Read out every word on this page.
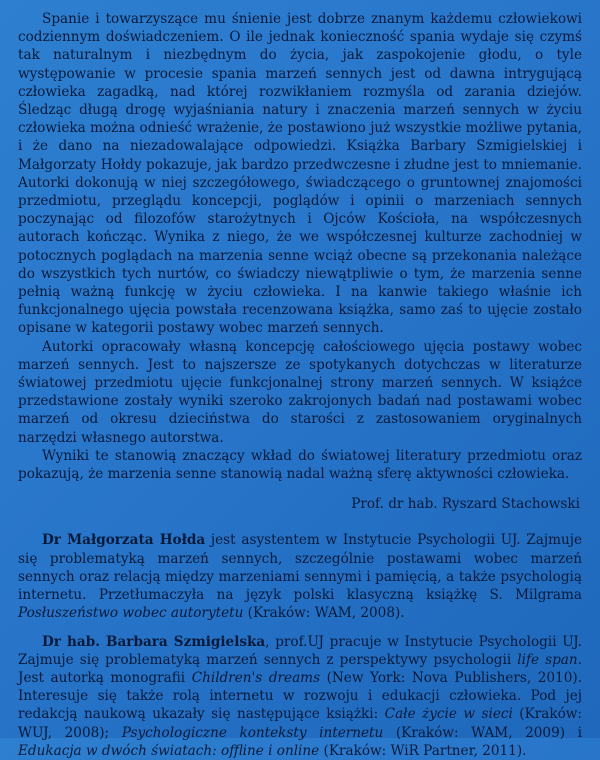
Spanie i towarzyszące mu śnienie jest dobrze znanym każdemu człowiekowi codziennym doświadczeniem. O ile jednak konieczność spania wydaje się czymś tak naturalnym i niezbędnym do życia, jak zaspokojenie głodu, o tyle występowanie w procesie spania marzeń sennych jest od dawna intrygującą człowieka zagadką, nad której rozwikłaniem rozmyśla od zarania dziejów. Śledząc długą drogę wyjaśniania natury i znaczenia marzeń sennych w życiu człowieka można odnieść wrażenie, że postawiono już wszystkie możliwe pytania, i że dano na niezadowalające odpowiedzi. Książka Barbary Szmigielskiej i Małgorzaty Hołdy pokazuje, jak bardzo przedwczesne i złudne jest to mniemanie. Autorki dokonują w niej szczegółowego, świadczącego o gruntownej znajomości przedmiotu, przeglądu koncepcji, poglądów i opinii o marzeniach sennych poczynając od filozofów starożytnych i Ojców Kościoła, na współczesnych autorach kończąc. Wynika z niego, że we współczesnej kulturze zachodniej w potocznych poglądach na marzenia senne wciąż obecne są przekonania należące do wszystkich tych nurtów, co świadczy niewątpliwie o tym, że marzenia senne pełnią ważną funkcję w życiu człowieka. I na kanwie takiego właśnie ich funkcjonalnego ujęcia powstała recenzowana książka, samo zaś to ujęcie zostało opisane w kategorii postawy wobec marzeń sennych.

Autorki opracowały własną koncepcję całościowego ujęcia postawy wobec marzeń sennych. Jest to najszersze ze spotykanych dotychczas w literaturze światowej przedmiotu ujęcie funkcjonalnej strony marzeń sennych. W książce przedstawione zostały wyniki szeroko zakrojonych badań nad postawami wobec marzeń od okresu dzieciństwa do starości z zastosowaniem oryginalnych narzędzi własnego autorstwa.

Wyniki te stanowią znaczący wkład do światowej literatury przedmiotu oraz pokazują, że marzenia senne stanowią nadal ważną sferę aktywności człowieka.

Prof. dr hab. Ryszard Stachowski

Dr Małgorzata Hołda jest asystentem w Instytucie Psychologii UJ. Zajmuje się problematyką marzeń sennych, szczególnie postawami wobec marzeń sennych oraz relacją między marzeniami sennymi i pamięcią, a także psychologią internetu. Przetłumaczyła na język polski klasyczną książkę S. Milgrama Posłuszeństwo wobec autorytetu (Kraków: WAM, 2008).

Dr hab. Barbara Szmigielska, prof.UJ pracuje w Instytucie Psychologii UJ. Zajmuje się problematyką marzeń sennych z perspektywy psychologii life span. Jest autorką monografii Children's dreams (New York: Nova Publishers, 2010). Interesuje się także rolą internetu w rozwoju i edukacji człowieka. Pod jej redakcją naukową ukazały się następujące książki: Całe życie w sieci (Kraków: WUJ, 2008); Psychologiczne konteksty internetu (Kraków: WAM, 2009) i Edukacja w dwóch światach: offline i online (Kraków: WiR Partner, 2011).
